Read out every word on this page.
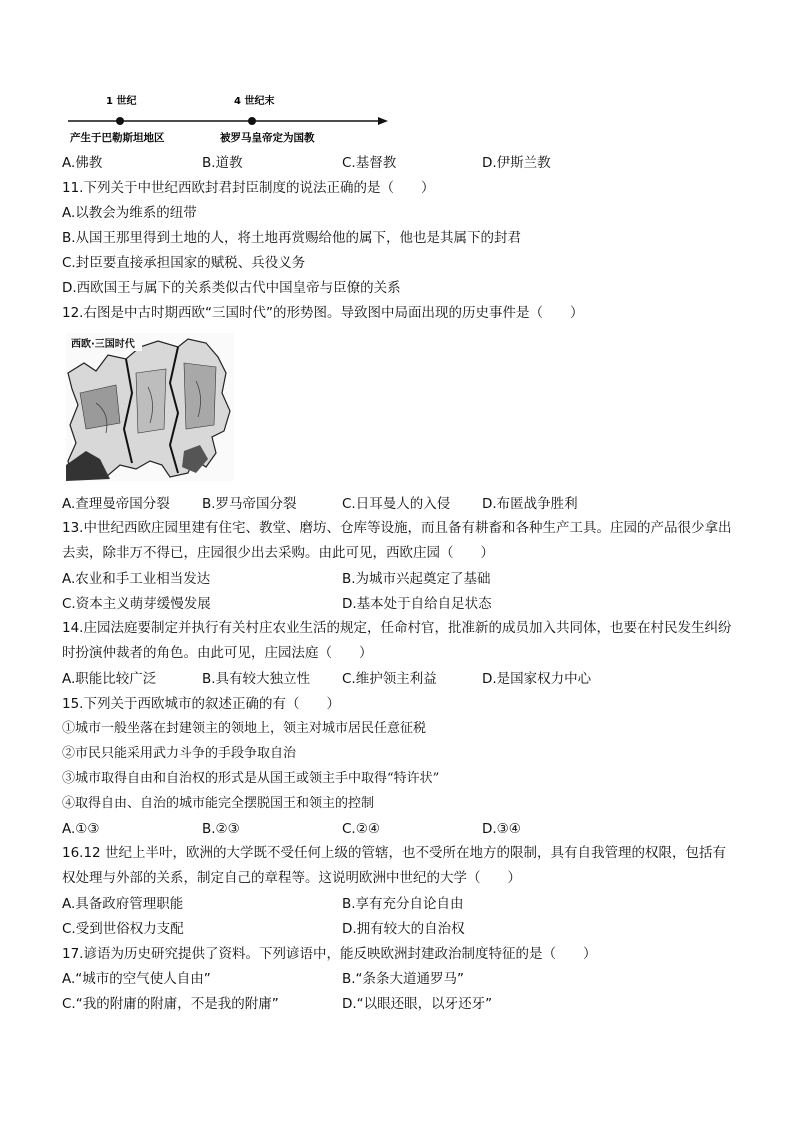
1 世纪	4 世纪末
产生于巴勒斯坦地区	被罗马皇帝定为国教
A.佛教	B.道教	C.基督教	D.伊斯兰教
11.下列关于中世纪西欧封君封臣制度的说法正确的是（　　）
A.以教会为维系的纽带
B.从国王那里得到土地的人，将土地再赏赐给他的属下，他也是其属下的封君
C.封臣要直接承担国家的赋税、兵役义务
D.西欧国王与属下的关系类似古代中国皇帝与臣僚的关系
12.右图是中古时期西欧“三国时代”的形势图。导致图中局面出现的历史事件是（　　）
西欧·三国时代
A.查理曼帝国分裂 B.罗马帝国分裂	C.日耳曼人的入侵 D.布匿战争胜利
13.中世纪西欧庄园里建有住宅、教堂、磨坊、仓库等设施，而且备有耕畜和各种生产工具。庄园的产品很少拿出去卖，除非万不得已，庄园很少出去采购。由此可见，西欧庄园（　　）
A.农业和手工业相当发达	B.为城市兴起奠定了基础
C.资本主义萌芽缓慢发展	D.基本处于自给自足状态
14.庄园法庭要制定并执行有关村庄农业生活的规定，任命村官，批准新的成员加入共同体，也要在村民发生纠纷时扮演仲裁者的角色。由此可见，庄园法庭（　　）
A.职能比较广泛	B.具有较大独立性 C.维护领主利益	D.是国家权力中心
15.下列关于西欧城市的叙述正确的有（　　）
①城市一般坐落在封建领主的领地上，领主对城市居民任意征税
②市民只能采用武力斗争的手段争取自治
③城市取得自由和自治权的形式是从国王或领主手中取得“特许状”
④取得自由、自治的城市能完全摆脱国王和领主的控制
A.①③	B.②③	C.②④	D.③④
16.12 世纪上半叶，欧洲的大学既不受任何上级的管辖，也不受所在地方的限制，具有自我管理的权限，包括有权处理与外部的关系，制定自己的章程等。这说明欧洲中世纪的大学（　　）
A.具备政府管理职能	B.享有充分自论自由
C.受到世俗权力支配	D.拥有较大的自治权
17.谚语为历史研究提供了资料。下列谚语中，能反映欧洲封建政治制度特征的是（　　）
A.“城市的空气使人自由”	B.“条条大道通罗马”
C.“我的附庸的附庸，不是我的附庸”	D.“以眼还眼，以牙还牙”
